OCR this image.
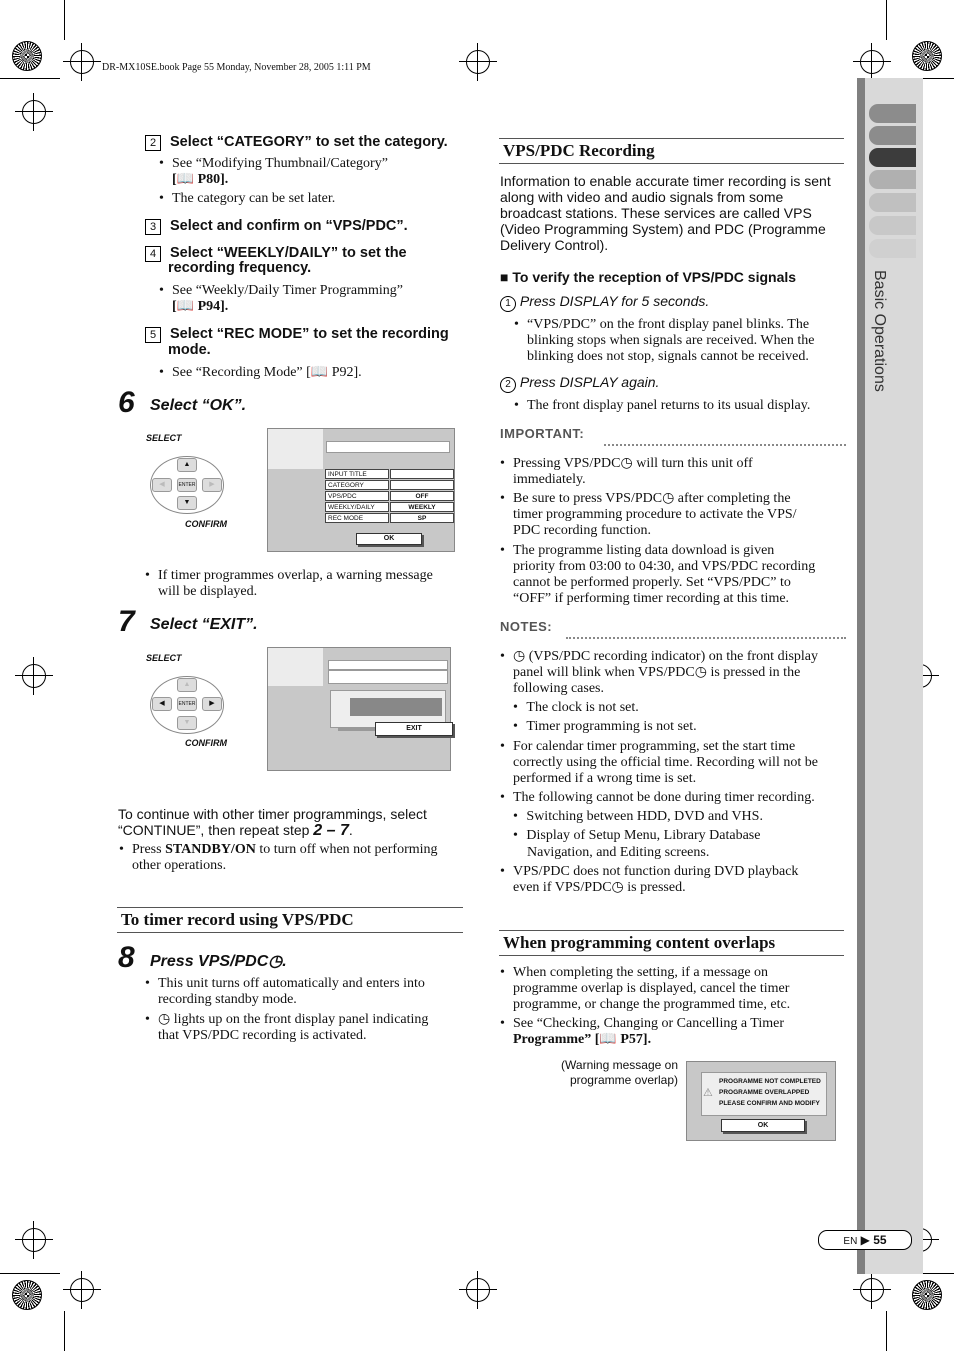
DR-MX10SE.book Page 55 Monday, November 28, 2005 1:11 PM
Basic Operations
2 Select “CATEGORY” to set the category.
• See “Modifying Thumbnail/Category”
[📖 P80].
• The category can be set later.
3 Select and confirm on “VPS/PDC”.
4 Select “WEEKLY/DAILY” to set the
recording frequency.
• See “Weekly/Daily Timer Programming”
[📖 P94].
5 Select “REC MODE” to set the recording
mode.
• See “Recording Mode” [📖 P92].
6 Select “OK”.
SELECT
CONFIRM
▲
▼
◀	▶
ENTER
INPUT TITLE
CATEGORY
VPS/PDC	OFF
WEEKLY/DAILY	WEEKLY
REC MODE	SP
OK
• If timer programmes overlap, a warning message
will be displayed.
7 Select “EXIT”.
SELECT
CONFIRM
▲
▼
◀	▶
ENTER
EXIT
To continue with other timer programmings, select
“CONTINUE”, then repeat step 2 – 7.
• Press STANDBY/ON to turn off when not performing
other operations.
To timer record using VPS/PDC
8 Press VPS/PDC◷.
• This unit turns off automatically and enters into
recording standby mode.
• ◷ lights up on the front display panel indicating
that VPS/PDC recording is activated.
VPS/PDC Recording
Information to enable accurate timer recording is sent
along with video and audio signals from some
broadcast stations. These services are called VPS
(Video Programming System) and PDC (Programme
Delivery Control).
■ To verify the reception of VPS/PDC signals
1 Press DISPLAY for 5 seconds.
• “VPS/PDC” on the front display panel blinks. The
blinking stops when signals are received. When the
blinking does not stop, signals cannot be received.
2 Press DISPLAY again.
• The front display panel returns to its usual display.
IMPORTANT:
• Pressing VPS/PDC◷ will turn this unit off
immediately.
• Be sure to press VPS/PDC◷ after completing the
timer programming procedure to activate the VPS/
PDC recording function.
• The programme listing data download is given
priority from 03:00 to 04:30, and VPS/PDC recording
cannot be performed properly. Set “VPS/PDC” to
“OFF” if performing timer recording at this time.
NOTES:
• ◷ (VPS/PDC recording indicator) on the front display
panel will blink when VPS/PDC◷ is pressed in the
following cases.
• The clock is not set.
• Timer programming is not set.
• For calendar timer programming, set the start time
correctly using the official time. Recording will not be
performed if a wrong time is set.
• The following cannot be done during timer recording.
• Switching between HDD, DVD and VHS.
• Display of Setup Menu, Library Database
Navigation, and Editing screens.
• VPS/PDC does not function during DVD playback
even if VPS/PDC◷ is pressed.
When programming content overlaps
• When completing the setting, if a message on
programme overlap is displayed, cancel the timer
programme, or change the programmed time, etc.
• See “Checking, Changing or Cancelling a Timer
Programme” [📖 P57].
(Warning message on
programme overlap)
⚠
PROGRAMME NOT COMPLETED
PROGRAMME OVERLAPPED
PLEASE CONFIRM AND MODIFY
OK
EN ▶ 55
